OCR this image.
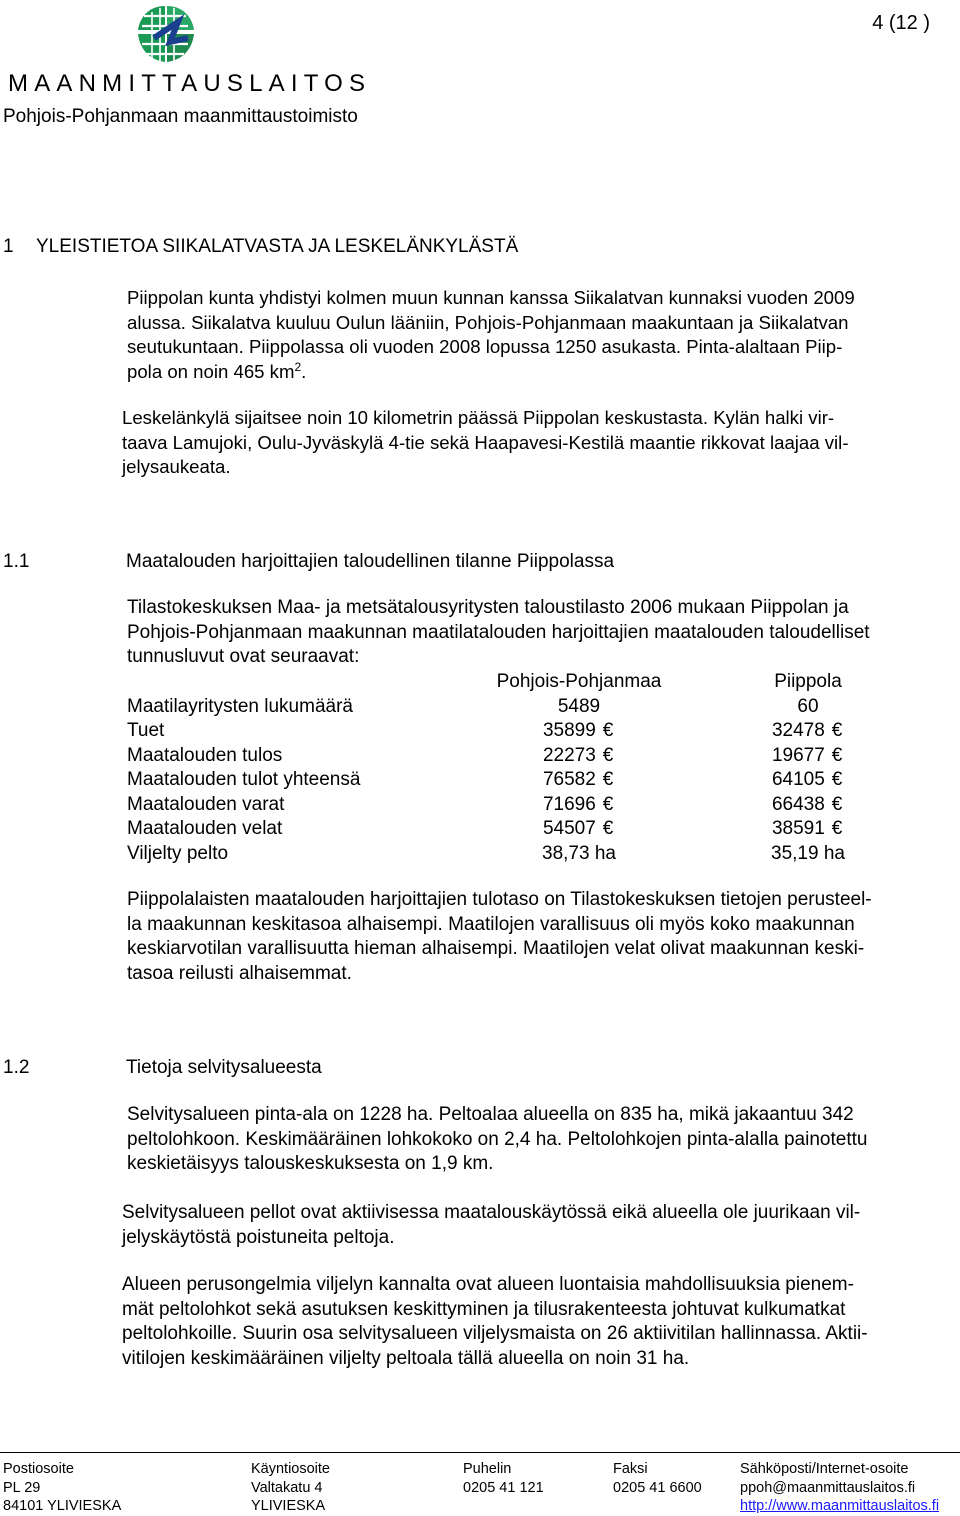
MAANMITTAUSLAITOS
Pohjois-Pohjanmaan maanmittaustoimisto
4 (12 )
1 YLEISTIETOA SIIKALATVASTA JA LESKELÄNKYLÄSTÄ
Piippolan kunta yhdistyi kolmen muun kunnan kanssa Siikalatvan kunnaksi vuoden 2009
alussa. Siikalatva kuuluu Oulun lääniin, Pohjois-Pohjanmaan maakuntaan ja Siikalatvan
seutukuntaan. Piippolassa oli vuoden 2008 lopussa 1250 asukasta. Pinta-alaltaan Piip-
pola on noin 465 $km^2$.
Leskelänkylä sijaitsee noin 10 kilometrin päässä Piippolan keskustasta. Kylän halki vir-
taava Lamujoki, Oulu-Jyväskylä 4-tie sekä Haapavesi-Kestilä maantie rikkovat laajaa vil-
jelysaukeata.
1.1	Maatalouden harjoittajien taloudellinen tilanne Piippolassa
Tilastokeskuksen Maa- ja metsätalousyritysten taloustilasto 2006 mukaan Piippolan ja
Pohjois-Pohjanmaan maakunnan maatilatalouden harjoittajien maatalouden taloudelliset
tunnusluvut ovat seuraavat:
Pohjois-Pohjanmaa	Piippola
Maatilayritysten lukumäärä	5489	60
Tuet	35899 €	32478 €
Maatalouden tulos	22273 €	19677 €
Maatalouden tulot yhteensä	76582 €	64105 €
Maatalouden varat	71696 €	66438 €
Maatalouden velat	54507 €	38591 €
Viljelty pelto	38,73 ha	35,19 ha
Piippolalaisten maatalouden harjoittajien tulotaso on Tilastokeskuksen tietojen perusteel-
la maakunnan keskitasoa alhaisempi. Maatilojen varallisuus oli myös koko maakunnan
keskiarvotilan varallisuutta hieman alhaisempi. Maatilojen velat olivat maakunnan keski-
tasoa reilusti alhaisemmat.
1.2	Tietoja selvitysalueesta
Selvitysalueen pinta-ala on 1228 ha. Peltoalaa alueella on 835 ha, mikä jakaantuu 342
peltolohkoon. Keskimääräinen lohkokoko on 2,4 ha. Peltolohkojen pinta-alalla painotettu
keskietäisyys talouskeskuksesta on 1,9 km.
Selvitysalueen pellot ovat aktiivisessa maatalouskäytössä eikä alueella ole juurikaan vil-
jelyskäytöstä poistuneita peltoja.
Alueen perusongelmia viljelyn kannalta ovat alueen luontaisia mahdollisuuksia pienem-
mät peltolohkot sekä asutuksen keskittyminen ja tilusrakenteesta johtuvat kulkumatkat
peltolohkoille. Suurin osa selvitysalueen viljelysmaista on 26 aktiivitilan hallinnassa. Aktii-
vitilojen keskimääräinen viljelty peltoala tällä alueella on noin 31 ha.
Postiosoite
PL 29
84101 YLIVIESKA
Käyntiosoite
Valtakatu 4
YLIVIESKA
Puhelin
0205 41 121
Faksi
0205 41 6600
Sähköposti/Internet-osoite
ppoh@maanmittauslaitos.fi
http://www.maanmittauslaitos.fi
